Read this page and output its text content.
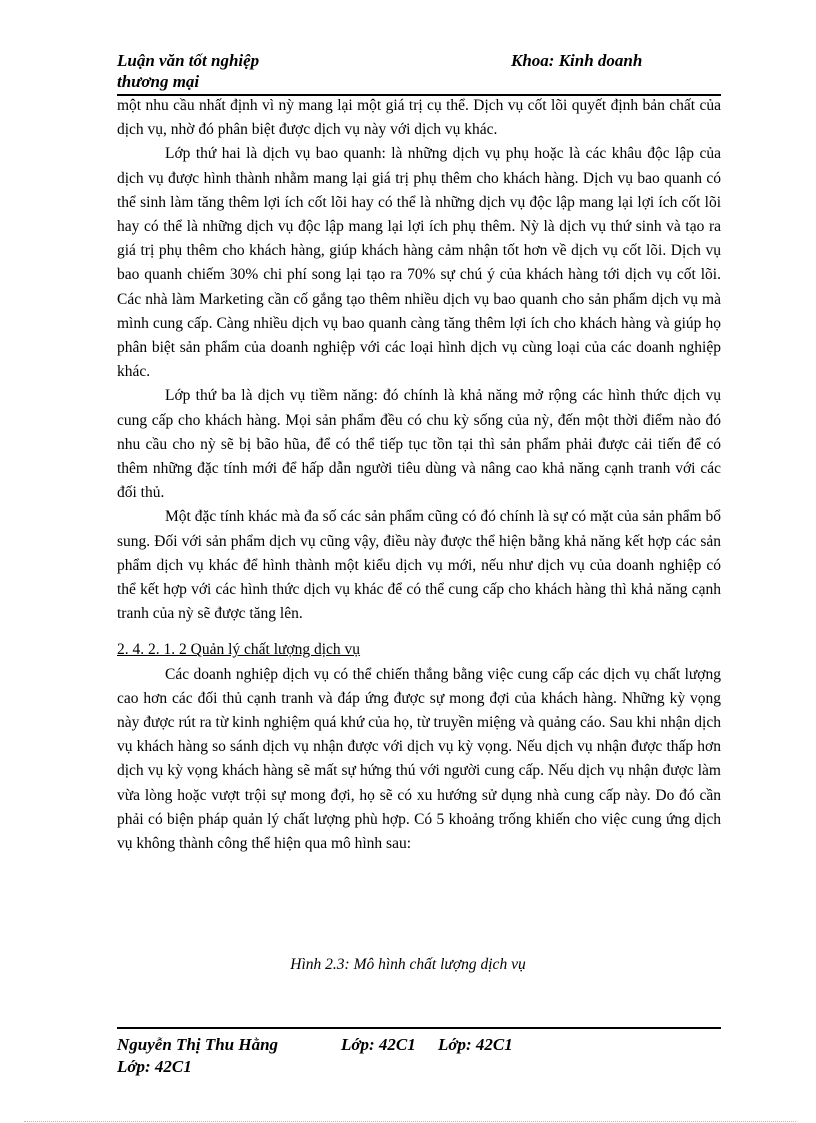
Luận văn tốt nghiệp
thương mại
Khoa: Kinh doanh

một nhu cầu nhất định vì nỳ mang lại một giá trị cụ thể. Dịch vụ cốt lõi quyết định bản chất của dịch vụ, nhờ đó phân biệt được dịch vụ này với dịch vụ khác.

Lớp thứ hai là dịch vụ bao quanh: là những dịch vụ phụ hoặc là các khâu độc lập của dịch vụ được hình thành nhằm mang lại giá trị phụ thêm cho khách hàng. Dịch vụ bao quanh có thể sinh làm tăng thêm lợi ích cốt lõi hay có thể là những dịch vụ độc lập mang lại lợi ích cốt lõi hay có thể là những dịch vụ độc lập mang lại lợi ích phụ thêm. Nỳ là dịch vụ thứ sinh và tạo ra giá trị phụ thêm cho khách hàng, giúp khách hàng cảm nhận tốt hơn về dịch vụ cốt lõi. Dịch vụ bao quanh chiếm 30% chi phí song lại tạo ra 70% sự chú ý của khách hàng tới dịch vụ cốt lõi. Các nhà làm Marketing cần cố gắng tạo thêm nhiều dịch vụ bao quanh cho sản phẩm dịch vụ mà mình cung cấp. Càng nhiều dịch vụ bao quanh càng tăng thêm lợi ích cho khách hàng và giúp họ phân biệt sản phẩm của doanh nghiệp với các loại hình dịch vụ cùng loại của các doanh nghiệp khác.

Lớp thứ ba là dịch vụ tiềm năng: đó chính là khả năng mở rộng các hình thức dịch vụ cung cấp cho khách hàng. Mọi sản phẩm đều có chu kỳ sống của nỳ, đến một thời điểm nào đó nhu cầu cho nỳ sẽ bị bão hũa, để có thể tiếp tục tồn tại thì sản phẩm phải được cải tiến để có thêm những đặc tính mới để hấp dẫn người tiêu dùng và nâng cao khả năng cạnh tranh với các đối thủ.

Một đặc tính khác mà đa số các sản phẩm cũng có đó chính là sự có mặt của sản phẩm bổ sung. Đối với sản phẩm dịch vụ cũng vậy, điều này được thể hiện bằng khả năng kết hợp các sản phẩm dịch vụ khác để hình thành một kiểu dịch vụ mới, nếu như dịch vụ của doanh nghiệp có thể kết hợp với các hình thức dịch vụ khác để có thể cung cấp cho khách hàng thì khả năng cạnh tranh của nỳ sẽ được tăng lên.

2. 4. 2. 1. 2 Quản lý chất lượng dịch vụ

Các doanh nghiệp dịch vụ có thể chiến thắng bằng việc cung cấp các dịch vụ chất lượng cao hơn các đối thủ cạnh tranh và đáp ứng được sự mong đợi của khách hàng. Những kỳ vọng này được rút ra từ kinh nghiệm quá khứ của họ, từ truyền miệng và quảng cáo. Sau khi nhận dịch vụ khách hàng so sánh dịch vụ nhận được với dịch vụ kỳ vọng. Nếu dịch vụ nhận được thấp hơn dịch vụ kỳ vọng khách hàng sẽ mất sự hứng thú với người cung cấp. Nếu dịch vụ nhận được làm vừa lòng hoặc vượt trội sự mong đợi, họ sẽ có xu hướng sử dụng nhà cung cấp này. Do đó cần phải có biện pháp quản lý chất lượng phù hợp. Có 5 khoảng trống khiến cho việc cung ứng dịch vụ không thành công thể hiện qua mô hình sau:

Hình 2.3: Mô hình chất lượng dịch vụ
Nguyễn Thị Thu Hằng	Lớp: 42C1 Lớp: 42C1
Lớp: 42C1
